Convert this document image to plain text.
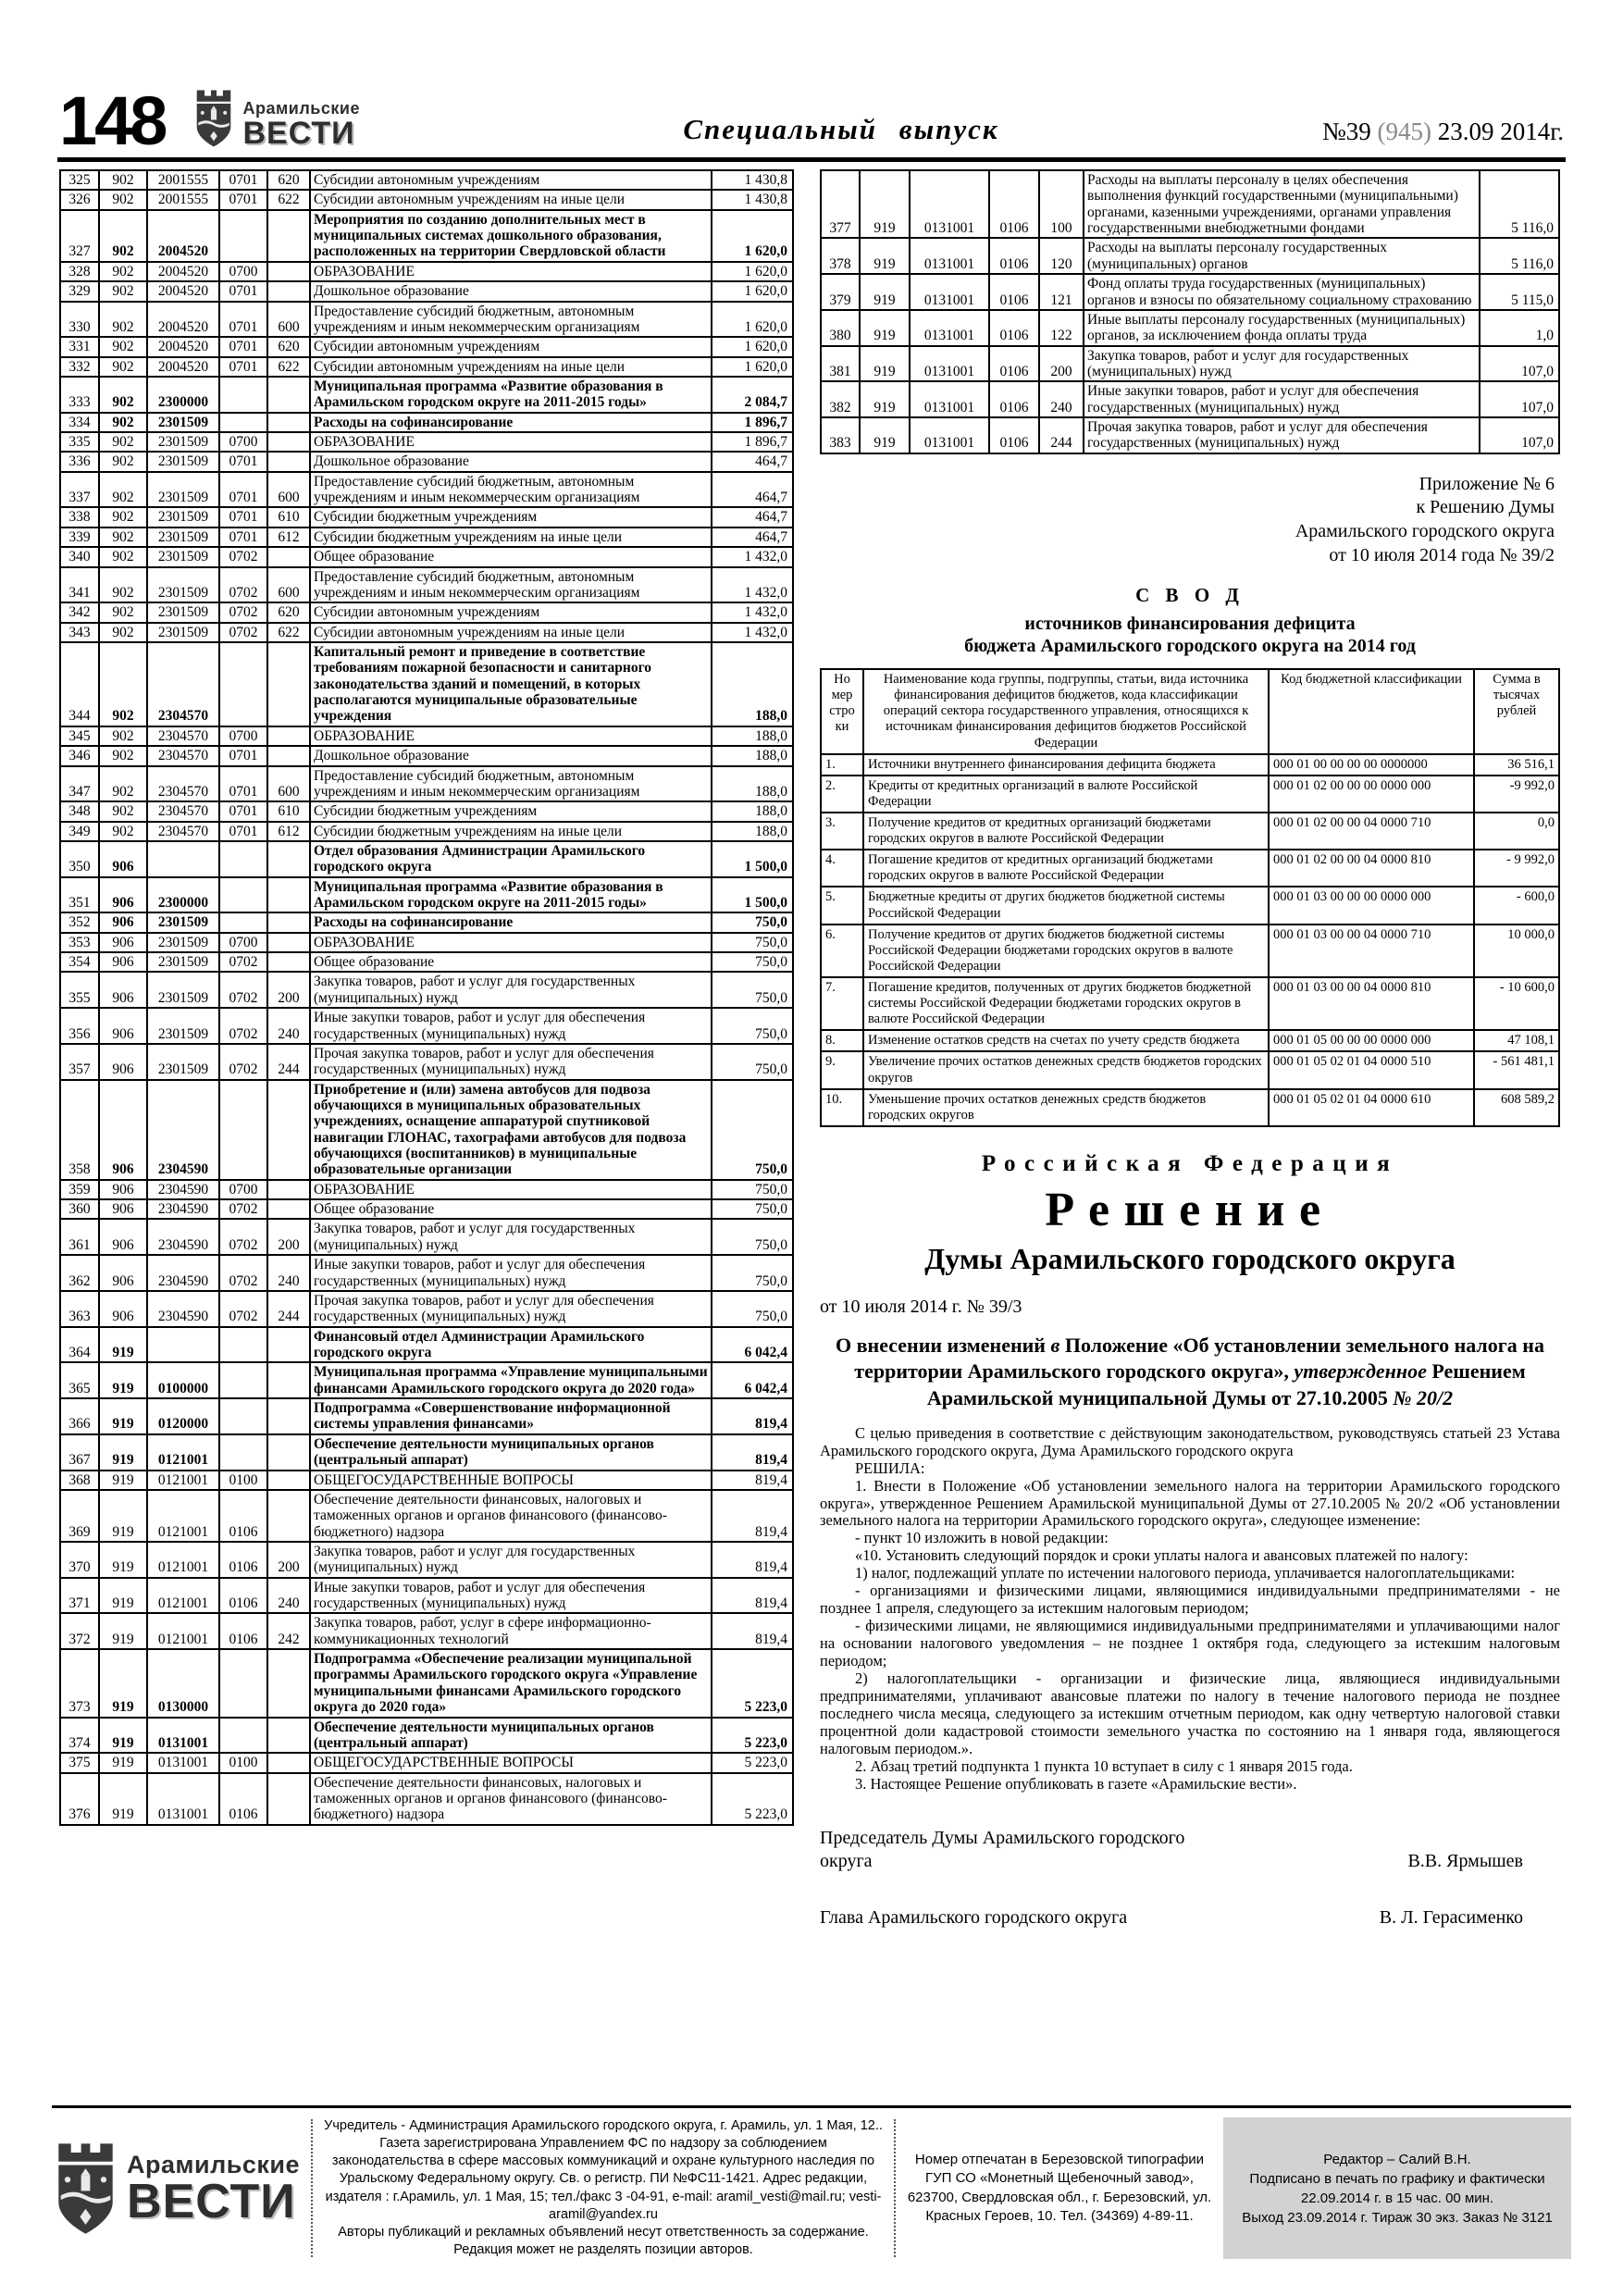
148	Арамильские
ВЕСТИ	Специальный выпуск	№39 (945) 23.09 2014г.
325	902	2001555	0701	620	Субсидии автономным учреждениям	1 430,8
326	902	2001555	0701	622	Субсидии автономным учреждениям на иные цели	1 430,8
327	902	2004520			Мероприятия по созданию дополнительных мест в муниципальных системах дошкольного образования, расположенных на территории Свердловской области	1 620,0
328	902	2004520	0700		ОБРАЗОВАНИЕ	1 620,0
329	902	2004520	0701		Дошкольное образование	1 620,0
330	902	2004520	0701	600	Предоставление субсидий бюджетным, автономным учреждениям и иным некоммерческим организациям	1 620,0
331	902	2004520	0701	620	Субсидии автономным учреждениям	1 620,0
332	902	2004520	0701	622	Субсидии автономным учреждениям на иные цели	1 620,0
333	902	2300000			Муниципальная программа «Развитие образования в Арамильском городском округе на 2011-2015 годы»	2 084,7
334	902	2301509			Расходы на софинансирование	1 896,7
335	902	2301509	0700		ОБРАЗОВАНИЕ	1 896,7
336	902	2301509	0701		Дошкольное образование	464,7
337	902	2301509	0701	600	Предоставление субсидий бюджетным, автономным учреждениям и иным некоммерческим организациям	464,7
338	902	2301509	0701	610	Субсидии бюджетным учреждениям	464,7
339	902	2301509	0701	612	Субсидии бюджетным учреждениям на иные цели	464,7
340	902	2301509	0702		Общее образование	1 432,0
341	902	2301509	0702	600	Предоставление субсидий бюджетным, автономным учреждениям и иным некоммерческим организациям	1 432,0
342	902	2301509	0702	620	Субсидии автономным учреждениям	1 432,0
343	902	2301509	0702	622	Субсидии автономным учреждениям на иные цели	1 432,0
344	902	2304570			Капитальный ремонт и приведение в соответствие требованиям пожарной безопасности и санитарного законодательства зданий и помещений, в которых располагаются муниципальные образовательные учреждения	188,0
345	902	2304570	0700		ОБРАЗОВАНИЕ	188,0
346	902	2304570	0701		Дошкольное образование	188,0
347	902	2304570	0701	600	Предоставление субсидий бюджетным, автономным учреждениям и иным некоммерческим организациям	188,0
348	902	2304570	0701	610	Субсидии бюджетным учреждениям	188,0
349	902	2304570	0701	612	Субсидии бюджетным учреждениям на иные цели	188,0
350	906				Отдел образования Администрации Арамильского городского округа	1 500,0
351	906	2300000			Муниципальная программа «Развитие образования в Арамильском городском округе на 2011-2015 годы»	1 500,0
352	906	2301509			Расходы на софинансирование	750,0
353	906	2301509	0700		ОБРАЗОВАНИЕ	750,0
354	906	2301509	0702		Общее образование	750,0
355	906	2301509	0702	200	Закупка товаров, работ и услуг для государственных (муниципальных) нужд	750,0
356	906	2301509	0702	240	Иные закупки товаров, работ и услуг для обеспечения государственных (муниципальных) нужд	750,0
357	906	2301509	0702	244	Прочая закупка товаров, работ и услуг для обеспечения государственных (муниципальных) нужд	750,0
358	906	2304590			Приобретение и (или) замена автобусов для подвоза обучающихся в муниципальных образовательных учреждениях, оснащение аппаратурой спутниковой навигации ГЛОНАС, тахографами автобусов для подвоза обучающихся (воспитанников) в муниципальные образовательные организации	750,0
359	906	2304590	0700		ОБРАЗОВАНИЕ	750,0
360	906	2304590	0702		Общее образование	750,0
361	906	2304590	0702	200	Закупка товаров, работ и услуг для государственных (муниципальных) нужд	750,0
362	906	2304590	0702	240	Иные закупки товаров, работ и услуг для обеспечения государственных (муниципальных) нужд	750,0
363	906	2304590	0702	244	Прочая закупка товаров, работ и услуг для обеспечения государственных (муниципальных) нужд	750,0
364	919				Финансовый отдел Администрации Арамильского городского округа	6 042,4
365	919	0100000			Муниципальная программа «Управление муниципальными финансами Арамильского городского округа до 2020 года»	6 042,4
366	919	0120000			Подпрограмма «Совершенствование информационной системы управления финансами»	819,4
367	919	0121001			Обеспечение деятельности муниципальных органов (центральный аппарат)	819,4
368	919	0121001	0100		ОБЩЕГОСУДАРСТВЕННЫЕ ВОПРОСЫ	819,4
369	919	0121001	0106		Обеспечение деятельности финансовых, налоговых и таможенных органов и органов финансового (финансово-бюджетного) надзора	819,4
370	919	0121001	0106	200	Закупка товаров, работ и услуг для государственных (муниципальных) нужд	819,4
371	919	0121001	0106	240	Иные закупки товаров, работ и услуг для обеспечения государственных (муниципальных) нужд	819,4
372	919	0121001	0106	242	Закупка товаров, работ, услуг в сфере информационно-коммуникационных технологий	819,4
373	919	0130000			Подпрограмма «Обеспечение реализации муниципальной программы Арамильского городского округа «Управление муниципальными финансами Арамильского городского округа до 2020 года»	5 223,0
374	919	0131001			Обеспечение деятельности муниципальных органов (центральный аппарат)	5 223,0
375	919	0131001	0100		ОБЩЕГОСУДАРСТВЕННЫЕ ВОПРОСЫ	5 223,0
376	919	0131001	0106		Обеспечение деятельности финансовых, налоговых и таможенных органов и органов финансового (финансово-бюджетного) надзора	5 223,0
377	919	0131001	0106	100	Расходы на выплаты персоналу в целях обеспечения выполнения функций государственными (муниципальными) органами, казенными учреждениями, органами управления государственными внебюджетными фондами	5 116,0
378	919	0131001	0106	120	Расходы на выплаты персоналу государственных (муниципальных) органов	5 116,0
379	919	0131001	0106	121	Фонд оплаты труда государственных (муниципальных) органов и взносы по обязательному социальному страхованию	5 115,0
380	919	0131001	0106	122	Иные выплаты персоналу государственных (муниципальных) органов, за исключением фонда оплаты труда	1,0
381	919	0131001	0106	200	Закупка товаров, работ и услуг для государственных (муниципальных) нужд	107,0
382	919	0131001	0106	240	Иные закупки товаров, работ и услуг для обеспечения государственных (муниципальных) нужд	107,0
383	919	0131001	0106	244	Прочая закупка товаров, работ и услуг для обеспечения государственных (муниципальных) нужд	107,0
Приложение № 6
к Решению Думы
Арамильского городского округа
от 10 июля 2014 года № 39/2
С В О Д
источников финансирования дефицита
бюджета Арамильского городского округа на 2014 год
Но мер стро ки	Наименование кода группы, подгруппы, статьи, вида источника финансирования дефицитов бюджетов, кода классификации операций сектора государственного управления, относящихся к источникам финансирования дефицитов бюджетов Российской Федерации	Код бюджетной классификации	Сумма в тысячах рублей
1.	Источники внутреннего финансирования дефицита бюджета	000 01 00 00 00 00 0000000	36 516,1
2.	Кредиты от кредитных организаций в валюте Российской Федерации	000 01 02 00 00 00 0000 000	-9 992,0
3.	Получение кредитов от кредитных организаций бюджетами городских округов в валюте Российской Федерации	000 01 02 00 00 04 0000 710	0,0
4.	Погашение кредитов от кредитных организаций бюджетами городских округов в валюте Российской Федерации	000 01 02 00 00 04 0000 810	- 9 992,0
5.	Бюджетные кредиты от других бюджетов бюджетной системы Российской Федерации	000 01 03 00 00 00 0000 000	- 600,0
6.	Получение кредитов от других бюджетов бюджетной системы Российской Федерации бюджетами городских округов в валюте Российской Федерации	000 01 03 00 00 04 0000 710	10 000,0
7.	Погашение кредитов, полученных от других бюджетов бюджетной системы Российской Федерации бюджетами городских округов в валюте Российской Федерации	000 01 03 00 00 04 0000 810	- 10 600,0
8.	Изменение остатков средств на счетах по учету средств бюджета	000 01 05 00 00 00 0000 000	47 108,1
9.	Увеличение прочих остатков денежных средств бюджетов городских округов	000 01 05 02 01 04 0000 510	- 561 481,1
10.	Уменьшение прочих остатков денежных средств бюджетов городских округов	000 01 05 02 01 04 0000 610	608 589,2
Российская Федерация
Решение
Думы Арамильского городского округа
от 10 июля 2014 г. № 39/3
О внесении изменений в Положение «Об установлении земельного налога на территории Арамильского городского округа», утвержденное Решением Арамильской муниципальной Думы от 27.10.2005 № 20/2
С целью приведения в соответствие с действующим законодательством, руководствуясь статьей 23 Устава Арамильского городского округа, Дума Арамильского городского округа
РЕШИЛА:
1. Внести в Положение «Об установлении земельного налога на территории Арамильского городского округа», утвержденное Решением Арамильской муниципальной Думы от 27.10.2005 № 20/2 «Об установлении земельного налога на территории Арамильского городского округа», следующее изменение:
- пункт 10 изложить в новой редакции:
«10. Установить следующий порядок и сроки уплаты налога и авансовых платежей по налогу:
1) налог, подлежащий уплате по истечении налогового периода, уплачивается налогоплательщиками:
- организациями и физическими лицами, являющимися индивидуальными предпринимателями - не позднее 1 апреля, следующего за истекшим налоговым периодом;
- физическими лицами, не являющимися индивидуальными предпринимателями и уплачивающими налог на основании налогового уведомления – не позднее 1 октября года, следующего за истекшим налоговым периодом;
2) налогоплательщики - организации и физические лица, являющиеся индивидуальными предпринимателями, уплачивают авансовые платежи по налогу в течение налогового периода не позднее последнего числа месяца, следующего за истекшим отчетным периодом, как одну четвертую налоговой ставки процентной доли кадастровой стоимости земельного участка по состоянию на 1 января года, являющегося налоговым периодом.».
2. Абзац третий подпункта 1 пункта 10 вступает в силу с 1 января 2015 года.
3. Настоящее Решение опубликовать в газете «Арамильские вести».
Председатель Думы Арамильского городского округа	В.В. Ярмышев
Глава Арамильского городского округа	В. Л. Герасименко
Арамильские
ВЕСТИ

Учредитель - Администрация Арамильского городского округа, г. Арамиль, ул. 1 Мая, 12.. Газета зарегистрирована Управлением ФС по надзору за соблюдением законодательства в сфере массовых коммуникаций и охране культурного наследия по Уральскому Федеральному округу. Св. о регистр. ПИ №ФС11-1421. Адрес редакции, издателя : г.Арамиль, ул. 1 Мая, 15; тел./факс 3 -04-91, e-mail: aramil_vesti@mail.ru; vesti-aramil@yandex.ru

Авторы публикаций и рекламных объявлений несут ответственность за содержание. Редакция может не разделять позиции авторов.

Номер отпечатан в Березовской типографии ГУП СО «Монетный Щебеночный завод», 623700, Свердловская обл., г. Березовский, ул. Красных Героев, 10. Тел. (34369) 4-89-11.
Редактор – Салий В.Н.
Подписано в печать по графику и фактически
22.09.2014 г. в 15 час. 00 мин.
Выход 23.09.2014 г. Тираж 30 экз. Заказ № 3121
